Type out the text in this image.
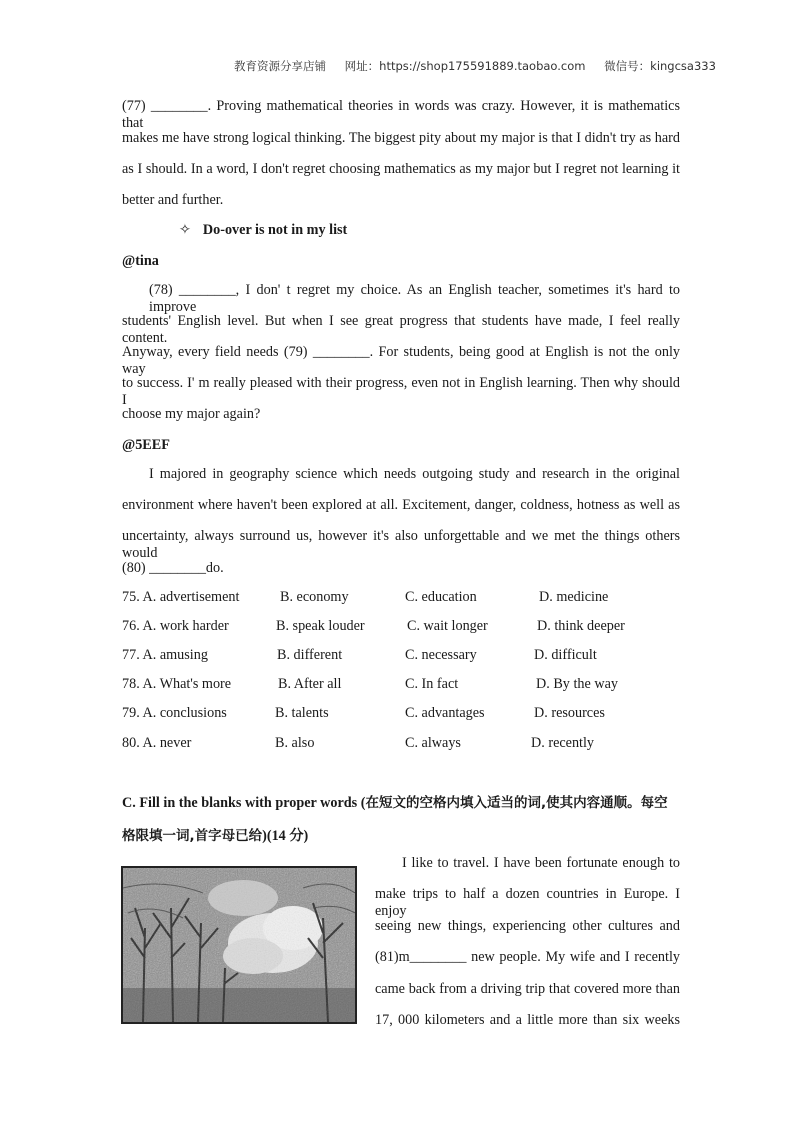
教育资源分享店铺 网址：https://shop175591889.taobao.com 微信号：kingcsa333
(77) ________. Proving mathematical theories in words was crazy. However, it is mathematics that
makes me have strong logical thinking. The biggest pity about my major is that I didn't try as hard
as I should. In a word, I don't regret choosing mathematics as my major but I regret not learning it
better and further.
✧ Do-over is not in my list
@tina
(78) ________, I don' t regret my choice. As an English teacher, sometimes it's hard to improve
students' English level. But when I see great progress that students have made, I feel really content.
Anyway, every field needs (79) ________. For students, being good at English is not the only way
to success. I' m really pleased with their progress, even not in English learning. Then why should I
choose my major again?
@5EEF
I majored in geography science which needs outgoing study and research in the original
environment where haven't been explored at all. Excitement, danger, coldness, hotness as well as
uncertainty, always surround us, however it's also unforgettable and we met the things others would
(80) ________do.
75. A. advertisement	B. economy	C. education	D. medicine
76. A. work harder	B. speak louder	C. wait longer	D. think deeper
77. A. amusing	B. different	C. necessary	D. difficult
78. A. What's more	B. After all	C. In fact	D. By the way
79. A. conclusions	B. talents	C. advantages	D. resources
80. A. never	B. also	C. always	D. recently
C. Fill in the blanks with proper words (在短文的空格内填入适当的词,使其内容通顺。每空
格限填一词,首字母已给)(14 分)
I like to travel. I have been fortunate enough to
make trips to half a dozen countries in Europe. I enjoy
seeing new things, experiencing other cultures and
(81)m________ new people. My wife and I recently
came back from a driving trip that covered more than
17, 000 kilometers and a little more than six weeks
